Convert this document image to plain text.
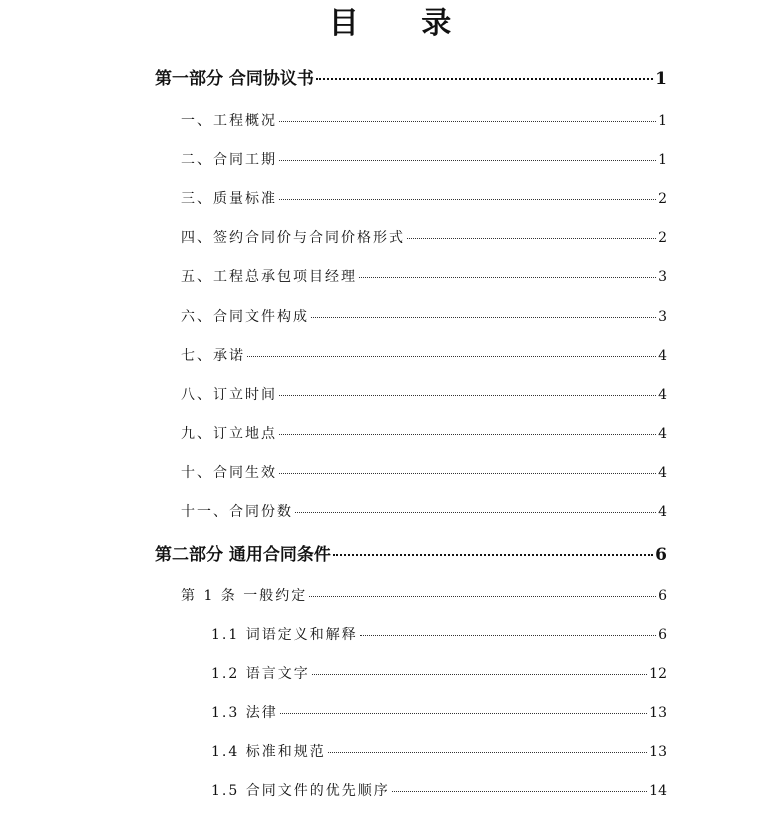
目 录
第一部分 合同协议书	1
一、工程概况	1
二、合同工期	1
三、质量标准	2
四、签约合同价与合同价格形式	2
五、工程总承包项目经理	3
六、合同文件构成	3
七、承诺	4
八、订立时间	4
九、订立地点	4
十、合同生效	4
十一、合同份数	4
第二部分 通用合同条件	6
第 1 条 一般约定	6
1.1 词语定义和解释	6
1.2 语言文字	12
1.3 法律	13
1.4 标准和规范	13
1.5 合同文件的优先顺序	14
